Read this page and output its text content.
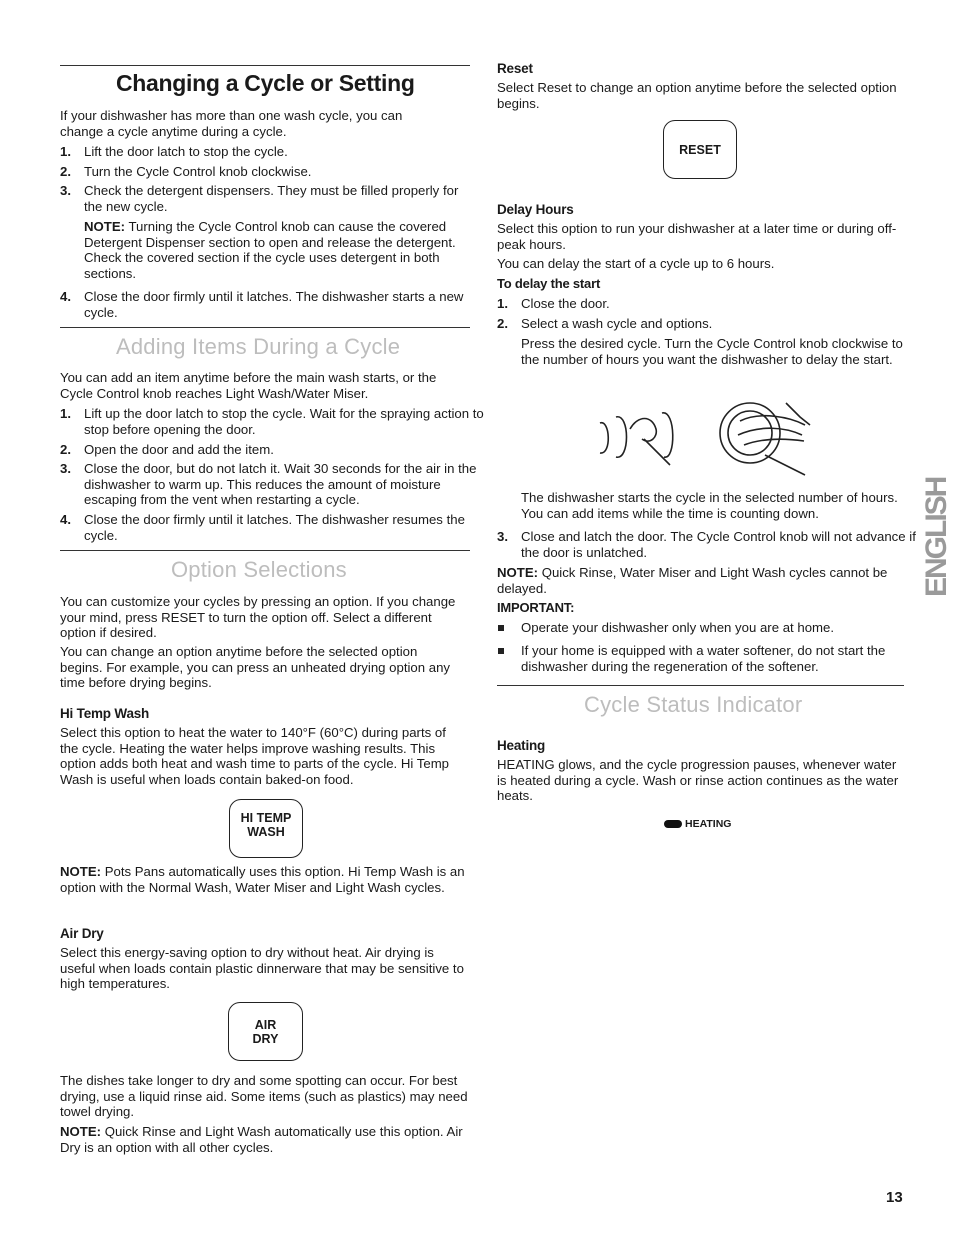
Changing a Cycle or Setting
If your dishwasher has more than one wash cycle, you can change a cycle anytime during a cycle.
1. Lift the door latch to stop the cycle.
2. Turn the Cycle Control knob clockwise.
3. Check the detergent dispensers. They must be filled properly for the new cycle.
NOTE: Turning the Cycle Control knob can cause the covered Detergent Dispenser section to open and release the detergent. Check the covered section if the cycle uses detergent in both sections.
4. Close the door firmly until it latches. The dishwasher starts a new cycle.
Adding Items During a Cycle
You can add an item anytime before the main wash starts, or the Cycle Control knob reaches Light Wash/Water Miser.
1. Lift up the door latch to stop the cycle. Wait for the spraying action to stop before opening the door.
2. Open the door and add the item.
3. Close the door, but do not latch it. Wait 30 seconds for the air in the dishwasher to warm up. This reduces the amount of moisture escaping from the vent when restarting a cycle.
4. Close the door firmly until it latches. The dishwasher resumes the cycle.
Option Selections
You can customize your cycles by pressing an option. If you change your mind, press RESET to turn the option off. Select a different option if desired.
You can change an option anytime before the selected option begins. For example, you can press an unheated drying option any time before drying begins.
Hi Temp Wash
Select this option to heat the water to 140°F (60°C) during parts of the cycle. Heating the water helps improve washing results. This option adds both heat and wash time to parts of the cycle. Hi Temp Wash is useful when loads contain baked-on food.
HI TEMP
WASH
NOTE: Pots Pans automatically uses this option. Hi Temp Wash is an option with the Normal Wash, Water Miser and Light Wash cycles.
Air Dry
Select this energy-saving option to dry without heat. Air drying is useful when loads contain plastic dinnerware that may be sensitive to high temperatures.
AIR
DRY
The dishes take longer to dry and some spotting can occur. For best drying, use a liquid rinse aid. Some items (such as plastics) may need towel drying.
NOTE: Quick Rinse and Light Wash automatically use this option. Air Dry is an option with all other cycles.
Reset
Select Reset to change an option anytime before the selected option begins.
RESET
Delay Hours
Select this option to run your dishwasher at a later time or during off-peak hours.
You can delay the start of a cycle up to 6 hours.
To delay the start
1. Close the door.
2. Select a wash cycle and options.
Press the desired cycle. Turn the Cycle Control knob clockwise to the number of hours you want the dishwasher to delay the start.
The dishwasher starts the cycle in the selected number of hours. You can add items while the time is counting down.
3. Close and latch the door. The Cycle Control knob will not advance if the door is unlatched.
NOTE: Quick Rinse, Water Miser and Light Wash cycles cannot be delayed.
IMPORTANT:
Operate your dishwasher only when you are at home.
If your home is equipped with a water softener, do not start the dishwasher during the regeneration of the softener.
Cycle Status Indicator
Heating
HEATING glows, and the cycle progression pauses, whenever water is heated during a cycle. Wash or rinse action continues as the water heats.
HEATING
ENGLISH
13
